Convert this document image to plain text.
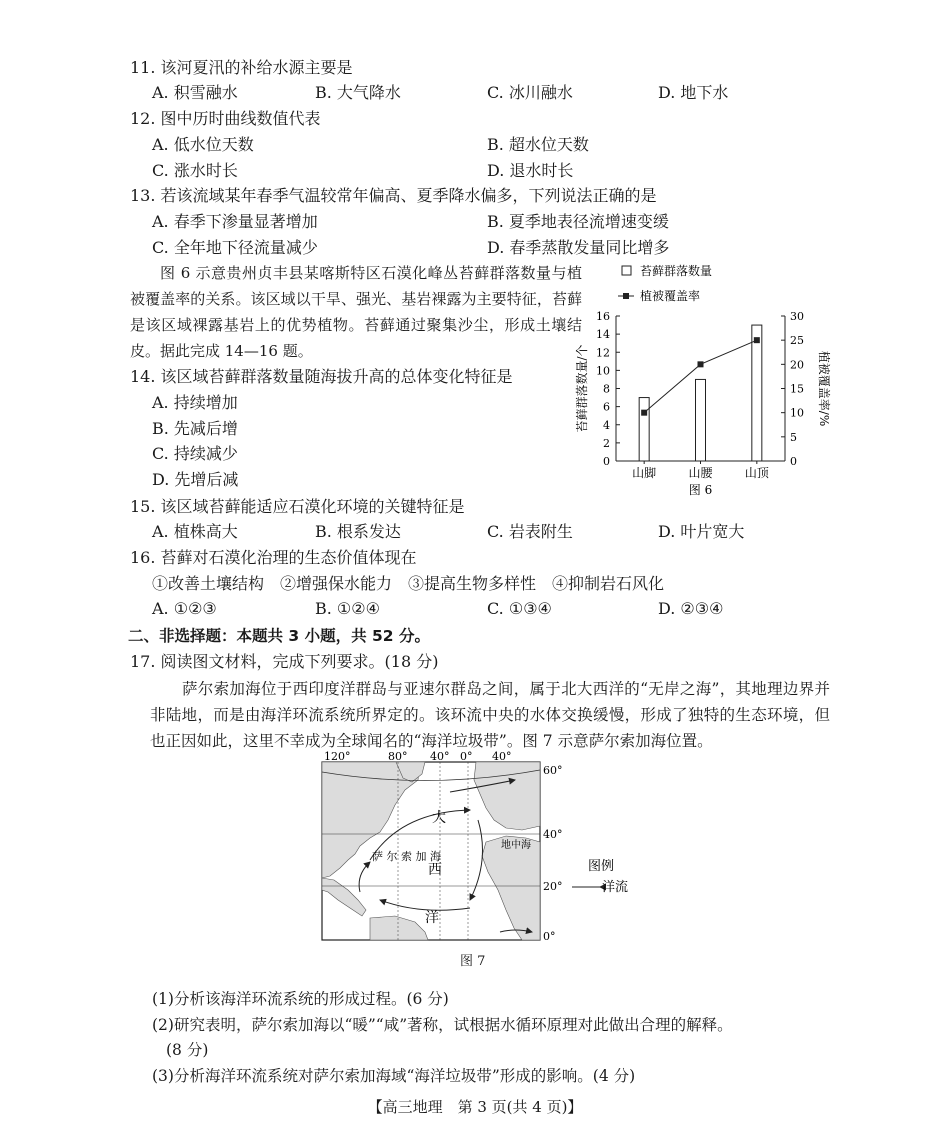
11. 该河夏汛的补给水源主要是
A. 积雪融水	B. 大气降水	C. 冰川融水	D. 地下水
12. 图中历时曲线数值代表
A. 低水位天数	B. 超水位天数
C. 涨水时长	D. 退水时长
13. 若该流域某年春季气温较常年偏高、夏季降水偏多，下列说法正确的是
A. 春季下渗量显著增加	B. 夏季地表径流增速变缓
C. 全年地下径流量减少	D. 春季蒸散发量同比增多
图 6 示意贵州贞丰县某喀斯特区石漠化峰丛苔藓群落数量与植被覆盖率的关系。该区域以干旱、强光、基岩裸露为主要特征，苔藓是该区域裸露基岩上的优势植物。苔藓通过聚集沙尘，形成土壤结皮。据此完成 14—16 题。
14. 该区域苔藓群落数量随海拔升高的总体变化特征是
A. 持续增加
B. 先减后增
C. 持续减少
D. 先增后减
苔藓群落数量
植被覆盖率
0
2
4
6
8
10
12
14
16
0
5
10
15
20
25
30
苔藓群落数量/个	植被覆盖率/%
山脚	山腰	山顶
图 6
15. 该区域苔藓能适应石漠化环境的关键特征是
A. 植株高大	B. 根系发达	C. 岩表附生	D. 叶片宽大
16. 苔藓对石漠化治理的生态价值体现在
①改善土壤结构　②增强保水能力　③提高生物多样性　④抑制岩石风化
A. ①②③	B. ①②④	C. ①③④	D. ②③④
二、非选择题：本题共 3 小题，共 52 分。
17. 阅读图文材料，完成下列要求。(18 分)
萨尔索加海位于西印度洋群岛与亚速尔群岛之间，属于北大西洋的“无岸之海”，其地理边界并非陆地，而是由海洋环流系统所界定的。该环流中央的水体交换缓慢，形成了独特的生态环境，但也正因如此，这里不幸成为全球闻名的“海洋垃圾带”。图 7 示意萨尔索加海位置。
120°	80° 40° 0° 40°
60°
40°
20°
0°
大
萨 尔 索 加 海
西
洋
地中海
图例
洋流
图 7
(1)分析该海洋环流系统的形成过程。(6 分)
(2)研究表明，萨尔索加海以“暖”“咸”著称，试根据水循环原理对此做出合理的解释。
(8 分)
(3)分析海洋环流系统对萨尔索加海域“海洋垃圾带”形成的影响。(4 分)
【高三地理　第 3 页(共 4 页)】
